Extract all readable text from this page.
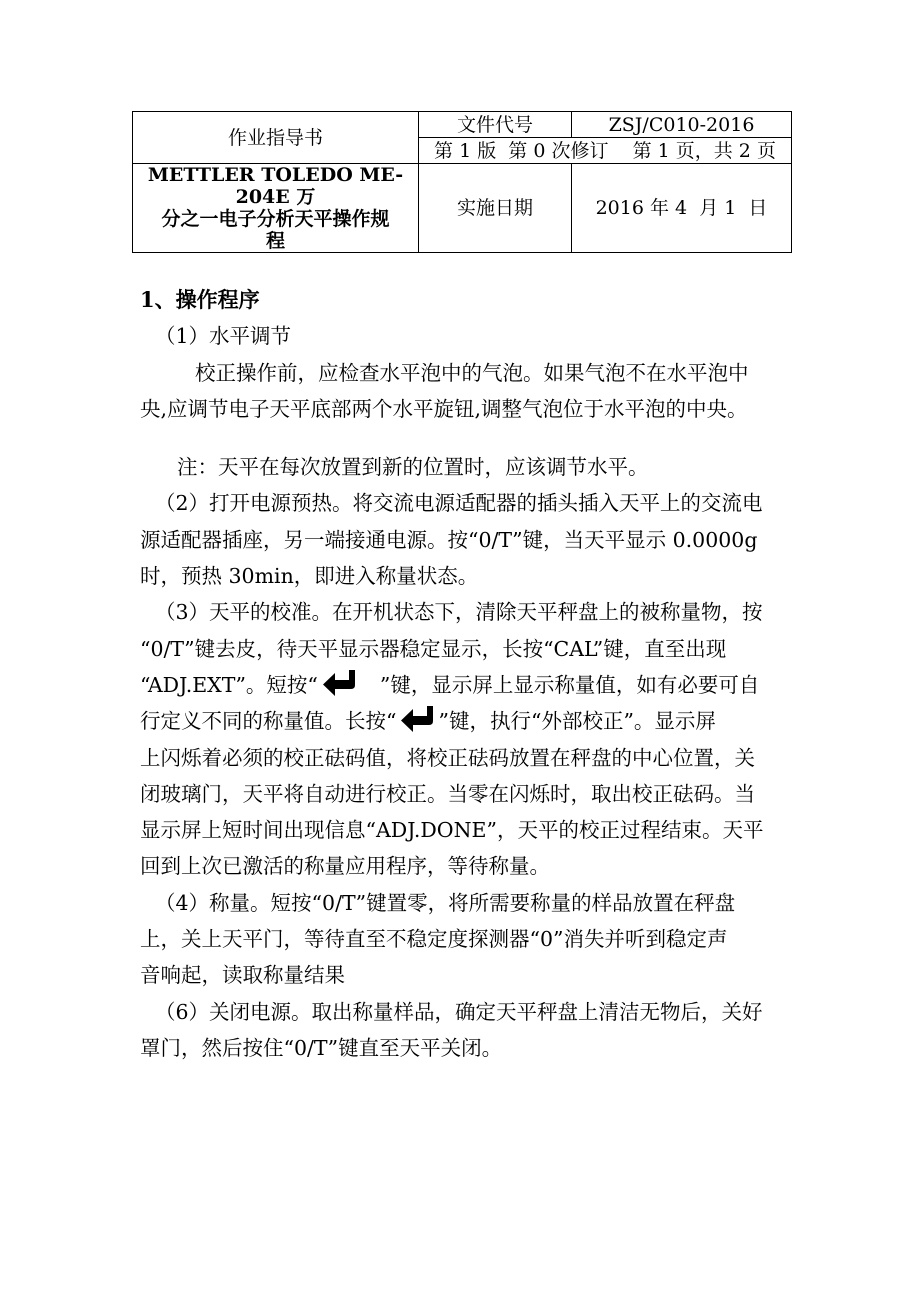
作业指导书	文件代号	ZSJ/C010-2016
	第 1 版  第 0 次修订    第 1 页，共 2 页	

METTLER TOLEDO ME-204E 万
分之一电子分析天平操作规
程	实施日期	2016 年 4  月 1  日

1、操作程序

（1）水平调节

校正操作前，应检查水平泡中的气泡。如果气泡不在水平泡中

央,应调节电子天平底部两个水平旋钮,调整气泡位于水平泡的中央。

注：天平在每次放置到新的位置时，应该调节水平。

（2）打开电源预热。将交流电源适配器的插头插入天平上的交流电

源适配器插座，另一端接通电源。按“0/T”键，当天平显示 0.0000g

时，预热 30min，即进入称量状态。

（3）天平的校准。在开机状态下，清除天平秤盘上的被称量物，按

“0/T”键去皮，待天平显示器稳定显示，长按“CAL”键，直至出现

“ADJ.EXT”。短按“	”键，显示屏上显示称量值，如有必要可自

行定义不同的称量值。长按“ ”键，执行“外部校正”。显示屏

上闪烁着必须的校正砝码值，将校正砝码放置在秤盘的中心位置，关

闭玻璃门，天平将自动进行校正。当零在闪烁时，取出校正砝码。当

显示屏上短时间出现信息“ADJ.DONE”，天平的校正过程结束。天平

回到上次已激活的称量应用程序，等待称量。

（4）称量。短按“0/T”键置零，将所需要称量的样品放置在秤盘

上，关上天平门，等待直至不稳定度探测器“0”消失并听到稳定声

音响起，读取称量结果

（6）关闭电源。取出称量样品，确定天平秤盘上清洁无物后，关好

罩门，然后按住“0/T”键直至天平关闭。
